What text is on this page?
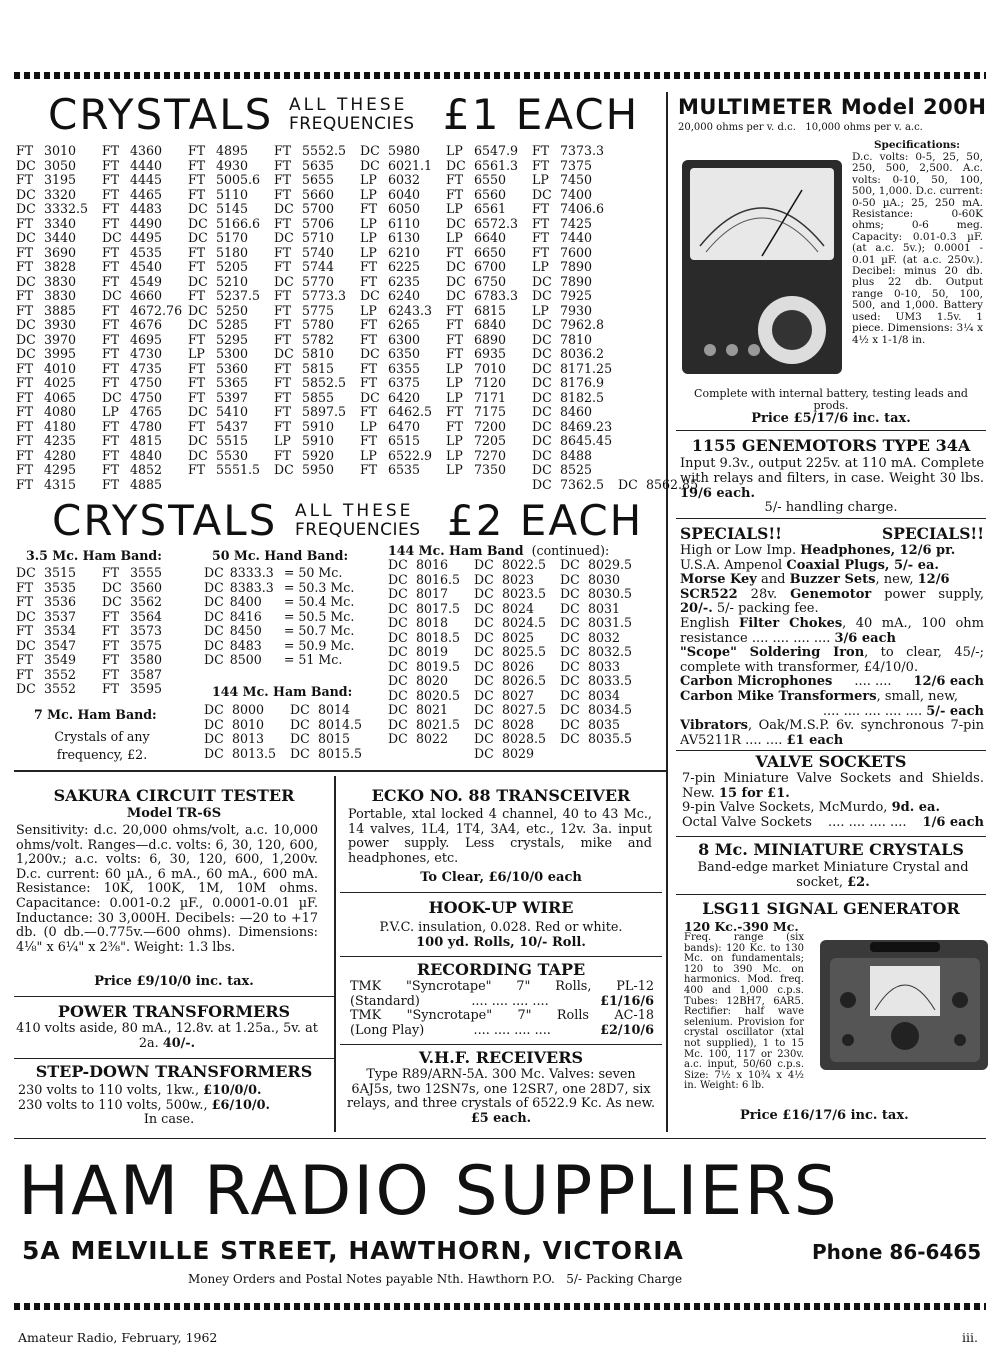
CRYSTALS ALL THESE
FREQUENCIES £1 EACH
FT	3010	FT	4360	FT	4895	FT	5552.5	DC	5980	LP	6547.9	FT	7373.3		
DC	3050	FT	4440	FT	4930	FT	5635	DC	6021.1	DC	6561.3	FT	7375		
FT	3195	FT	4445	FT	5005.6	FT	5655	LP	6032	FT	6550	LP	7450		
DC	3320	FT	4465	FT	5110	FT	5660	LP	6040	FT	6560	DC	7400		
DC	3332.5	FT	4483	DC	5145	DC	5700	FT	6050	LP	6561	FT	7406.6		
FT	3340	FT	4490	DC	5166.6	FT	5706	LP	6110	DC	6572.3	FT	7425		
DC	3440	DC	4495	DC	5170	DC	5710	LP	6130	LP	6640	FT	7440		
FT	3690	FT	4535	FT	5180	FT	5740	LP	6210	FT	6650	FT	7600		
FT	3828	FT	4540	FT	5205	FT	5744	FT	6225	DC	6700	LP	7890		
DC	3830	FT	4549	DC	5210	DC	5770	FT	6235	DC	6750	DC	7890		
FT	3830	DC	4660	FT	5237.5	FT	5773.3	DC	6240	DC	6783.3	DC	7925		
FT	3885	FT	4672.76	DC	5250	FT	5775	LP	6243.3	FT	6815	LP	7930		
DC	3930	FT	4676	DC	5285	FT	5780	FT	6265	FT	6840	DC	7962.8		
DC	3970	FT	4695	FT	5295	FT	5782	FT	6300	FT	6890	DC	7810		
DC	3995	FT	4730	LP	5300	DC	5810	DC	6350	FT	6935	DC	8036.2		
FT	4010	FT	4735	FT	5360	FT	5815	FT	6355	LP	7010	DC	8171.25		
FT	4025	FT	4750	FT	5365	FT	5852.5	FT	6375	LP	7120	DC	8176.9		
FT	4065	DC	4750	FT	5397	FT	5855	DC	6420	LP	7171	DC	8182.5		
FT	4080	LP	4765	DC	5410	FT	5897.5	FT	6462.5	FT	7175	DC	8460		
FT	4180	FT	4780	FT	5437	FT	5910	LP	6470	FT	7200	DC	8469.23		
FT	4235	FT	4815	DC	5515	LP	5910	FT	6515	LP	7205	DC	8645.45		
FT	4280	FT	4840	DC	5530	FT	5920	LP	6522.9	LP	7270	DC	8488		
FT	4295	FT	4852	FT	5551.5	DC	5950	FT	6535	LP	7350	DC	8525		
FT	4315	FT	4885									DC	7362.5	DC	8562.85
CRYSTALS ALL THESE
FREQUENCIES £2 EACH
3.5 Mc. Ham Band:
DC	3515	FT	3555
FT	3535	DC	3560
FT	3536	DC	3562
DC	3537	FT	3564
FT	3534	FT	3573
DC	3547	FT	3575
FT	3549	FT	3580
FT	3552	FT	3587
DC	3552	FT	3595
7 Mc. Ham Band:
Crystals of any frequency, £2.
50 Mc. Hand Band:
DC	8333.3	= 50 Mc.
DC	8383.3	= 50.3 Mc.
DC	8400	= 50.4 Mc.
DC	8416	= 50.5 Mc.
DC	8450	= 50.7 Mc.
DC	8483	= 50.9 Mc.
DC	8500	= 51 Mc.
144 Mc. Ham Band:
DC	8000	DC	8014
DC	8010	DC	8014.5
DC	8013	DC	8015
DC	8013.5	DC	8015.5
144 Mc. Ham Band (continued):
DC	8016	DC	8022.5	DC	8029.5
DC	8016.5	DC	8023	DC	8030
DC	8017	DC	8023.5	DC	8030.5
DC	8017.5	DC	8024	DC	8031
DC	8018	DC	8024.5	DC	8031.5
DC	8018.5	DC	8025	DC	8032
DC	8019	DC	8025.5	DC	8032.5
DC	8019.5	DC	8026	DC	8033
DC	8020	DC	8026.5	DC	8033.5
DC	8020.5	DC	8027	DC	8034
DC	8021	DC	8027.5	DC	8034.5
DC	8021.5	DC	8028	DC	8035
DC	8022	DC	8028.5	DC	8035.5
		DC	8029		
MULTIMETER Model 200H
20,000 ohms per v. d.c.   10,000 ohms per v. a.c.
Specifications:
D.c. volts: 0-5, 25, 50, 250, 500, 2,500. A.c. volts: 0-10, 50, 100, 500, 1,000. D.c. current: 0-50 µA.; 25, 250 mA. Resistance: 0-60K ohms; 0-6 meg. Capacity: 0.01-0.3 µF. (at a.c. 5v.); 0.0001 - 0.01 µF. (at a.c. 250v.). Decibel: minus 20 db. plus 22 db. Output range 0-10, 50, 100, 500, and 1,000. Battery used: UM3 1.5v. 1 piece. Dimensions: 3¼ x 4½ x 1-1/8 in.
Complete with internal battery, testing leads and prods.
Price £5/17/6 inc. tax.
1155 GENEMOTORS TYPE 34A
Input 9.3v., output 225v. at 110 mA. Complete with relays and filters, in case. Weight 30 lbs. 19/6 each.
5/- handling charge.
SPECIALS!!	SPECIALS!!
High or Low Imp. Headphones, 12/6 pr.
U.S.A. Ampenol Coaxial Plugs, 5/- ea.
Morse Key and Buzzer Sets, new, 12/6
SCR522 28v. Genemotor power supply, 20/-. 5/- packing fee.
English Filter Chokes, 40 mA., 100 ohm resistance .... .... .... .... 3/6 each
"Scope" Soldering Iron, to clear, 45/-; complete with transformer, £4/10/0.
Carbon Microphones .... .... 12/6 each
Carbon Mike Transformers, small, new,
.... .... .... .... .... 5/- each
Vibrators, Oak/M.S.P. 6v. synchronous 7-pin AV5211R .... .... £1 each
VALVE SOCKETS
7-pin Miniature Valve Sockets and Shields. New. 15 for £1.
9-pin Valve Sockets, McMurdo, 9d. ea.
Octal Valve Sockets .... .... .... .... 1/6 each
8 Mc. MINIATURE CRYSTALS
Band-edge market Miniature Crystal and socket, £2.
LSG11 SIGNAL GENERATOR
120 Kc.-390 Mc.
Freq. range (six bands): 120 Kc. to 130 Mc. on fundamentals; 120 to 390 Mc. on harmonics. Mod. freq. 400 and 1,000 c.p.s. Tubes: 12BH7, 6AR5. Rectifier: half wave selenium. Provision for crystal oscillator (xtal not supplied), 1 to 15 Mc. 100, 117 or 230v. a.c. input, 50/60 c.p.s. Size: 7½ x 10¾ x 4½ in. Weight: 6 lb.
Price £16/17/6 inc. tax.
SAKURA CIRCUIT TESTER
Model TR-6S
Sensitivity: d.c. 20,000 ohms/volt, a.c. 10,000 ohms/volt. Ranges—d.c. volts: 6, 30, 120, 600, 1,200v.; a.c. volts: 6, 30, 120, 600, 1,200v. D.c. current: 60 µA., 6 mA., 60 mA., 600 mA. Resistance: 10K, 100K, 1M, 10M ohms. Capacitance: 0.001-0.2 µF., 0.0001-0.01 µF. Inductance: 30 3,000H. Decibels: —20 to +17 db. (0 db.—0.775v.—600 ohms). Dimensions: 4⅛" x 6¼" x 2⅜". Weight: 1.3 lbs.
Price £9/10/0 inc. tax.
POWER TRANSFORMERS
410 volts aside, 80 mA., 12.8v. at 1.25a., 5v. at 2a. 40/-.
STEP-DOWN TRANSFORMERS
230 volts to 110 volts, 1kw., £10/0/0.
230 volts to 110 volts, 500w., £6/10/0.
In case.
ECKO NO. 88 TRANSCEIVER
Portable, xtal locked 4 channel, 40 to 43 Mc., 14 valves, 1L4, 1T4, 3A4, etc., 12v. 3a. input power supply. Less crystals, mike and headphones, etc.
To Clear, £6/10/0 each
HOOK-UP WIRE
P.V.C. insulation, 0.028. Red or white.
100 yd. Rolls, 10/- Roll.
RECORDING TAPE
TMK "Syncrotape" 7" Rolls, PL-12
(Standard)	.... .... .... ....	£1/16/6
TMK "Syncrotape" 7" Rolls AC-18
(Long Play)	.... .... .... ....	£2/10/6
V.H.F. RECEIVERS
Type R89/ARN-5A. 300 Mc. Valves: seven 6AJ5s, two 12SN7s, one 12SR7, one 28D7, six relays, and three crystals of 6522.9 Kc. As new. £5 each.
HAM RADIO SUPPLIERS
5A MELVILLE STREET, HAWTHORN, VICTORIA	Phone 86-6465
Money Orders and Postal Notes payable Nth. Hawthorn P.O.   5/- Packing Charge
Amateur Radio, February, 1962	iii.
